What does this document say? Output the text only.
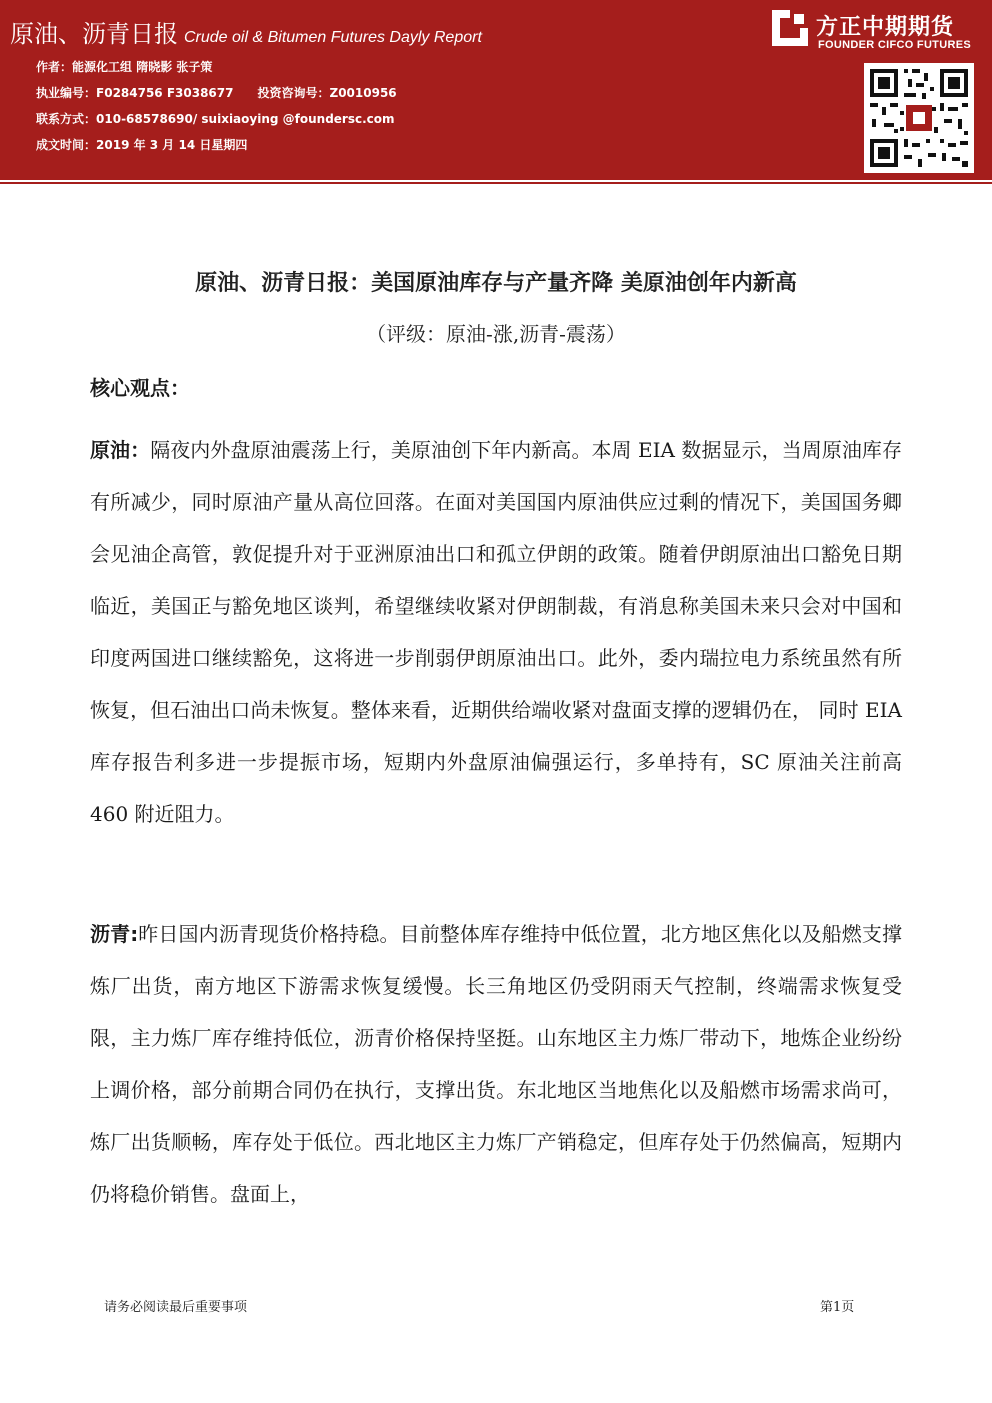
原油、沥青日报 Crude oil & Bitumen Futures Dayly Report
作者：能源化工组 隋晓影 张子策
执业编号：F0284756 F3038677 投资咨询号：Z0010956
联系方式：010-68578690/ suixiaoying @foundersc.com
成文时间：2019 年 3 月 14 日星期四
方正中期期货
FOUNDER CIFCO FUTURES
原油、沥青日报：美国原油库存与产量齐降 美原油创年内新高
（评级：原油-涨,沥青-震荡）
核心观点：

原油：隔夜内外盘原油震荡上行，美原油创下年内新高。本周 EIA 数据显示，当周原油库存有所减少，同时原油产量从高位回落。在面对美国国内原油供应过剩的情况下，美国国务卿会见油企高管，敦促提升对于亚洲原油出口和孤立伊朗的政策。随着伊朗原油出口豁免日期临近，美国正与豁免地区谈判，希望继续收紧对伊朗制裁，有消息称美国未来只会对中国和印度两国进口继续豁免，这将进一步削弱伊朗原油出口。此外，委内瑞拉电力系统虽然有所恢复，但石油出口尚未恢复。整体来看，近期供给端收紧对盘面支撑的逻辑仍在， 同时 EIA 库存报告利多进一步提振市场，短期内外盘原油偏强运行，多单持有，SC 原油关注前高460 附近阻力。

沥青:昨日国内沥青现货价格持稳。目前整体库存维持中低位置，北方地区焦化以及船燃支撑炼厂出货，南方地区下游需求恢复缓慢。长三角地区仍受阴雨天气控制，终端需求恢复受限，主力炼厂库存维持低位，沥青价格保持坚挺。山东地区主力炼厂带动下，地炼企业纷纷上调价格，部分前期合同仍在执行，支撑出货。东北地区当地焦化以及船燃市场需求尚可，炼厂出货顺畅，库存处于低位。西北地区主力炼厂产销稳定，但库存处于仍然偏高，短期内仍将稳价销售。盘面上，

请务必阅读最后重要事项	第1页
